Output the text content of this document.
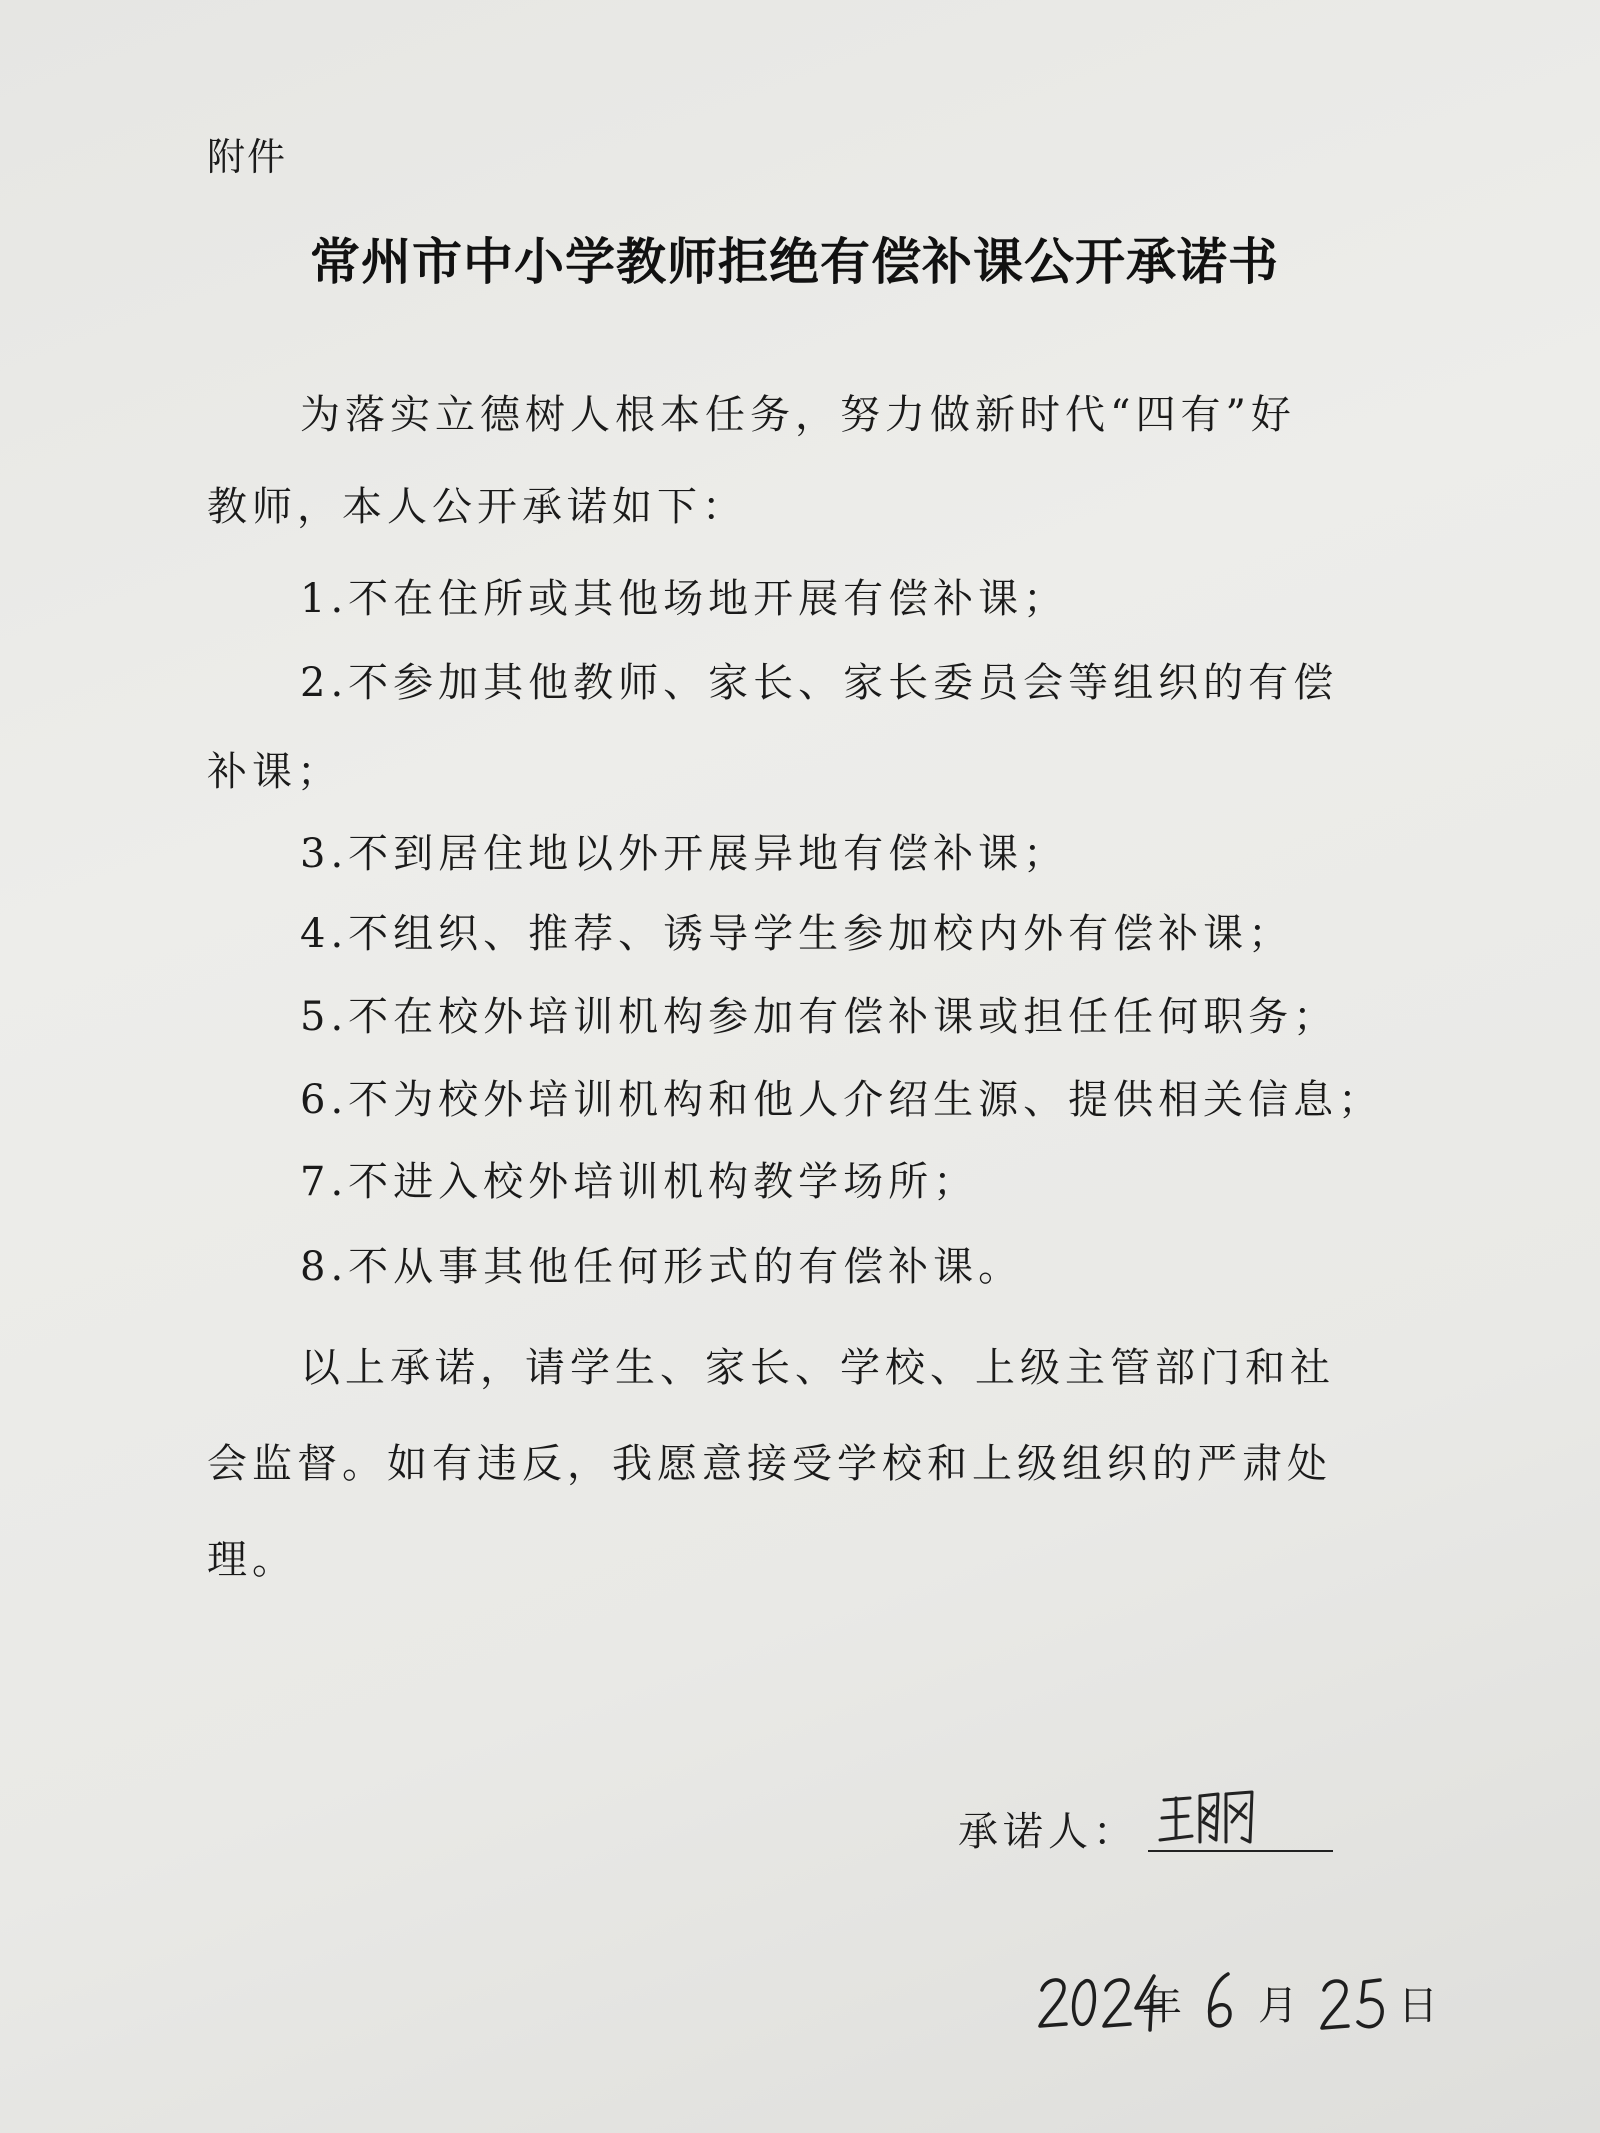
附件
常州市中小学教师拒绝有偿补课公开承诺书
为落实立德树人根本任务，努力做新时代“四有”好
教师，本人公开承诺如下：
1.不在住所或其他场地开展有偿补课；
2.不参加其他教师、家长、家长委员会等组织的有偿
补课；
3.不到居住地以外开展异地有偿补课；
4.不组织、推荐、诱导学生参加校内外有偿补课；
5.不在校外培训机构参加有偿补课或担任任何职务；
6.不为校外培训机构和他人介绍生源、提供相关信息；
7.不进入校外培训机构教学场所；
8.不从事其他任何形式的有偿补课。
以上承诺，请学生、家长、学校、上级主管部门和社
会监督。如有违反，我愿意接受学校和上级组织的严肃处
理。
承诺人：
年 月	日
